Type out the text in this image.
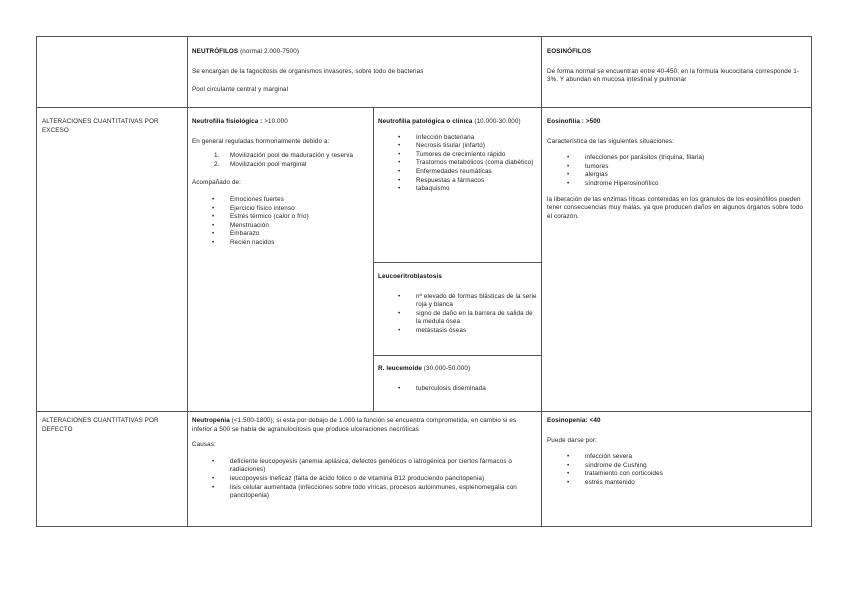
NEUTRÓFILOS (normal 2.000-7500)

Se encargan de la fagocitosis de organismos invasores, sobre todo de bacterias

Pool circulante central y marginal

EOSINÓFILOS

De forma normal se encuentran entre 40-450; en la formula leucocitaria corresponde 1-3%. Y abundan en mucosa intestinal y pulmonar

ALTERACIONES CUANTITATIVAS POR EXCESO

Neutrofilia fisiológica : >10.000

En general reguladas hormonalmente debido a:

1. Movilización pool de maduración y reserva
2. Movilización pool marginal

Acompañado de:

• Emociones fuertes
• Ejercicio físico intenso
• Estrés térmico (calor o frío)
• Menstruación
• Embarazo
• Recién nacidos

Neutrofilia patológica o clínica (10.000-30.000)

• Infección bacteriana
• Necrosis tisular (infarto)
• Tumores de crecimiento rápido
• Trastornos metabólicos (coma diabético)
• Enfermedades reumáticas
• Respuestas a fármacos
• tabaquismo

Leucoeritroblastosis

• nº elevado de formas blásticas de la serie roja y blanca
• signo de daño en la barrera de salida de la medula ósea
• metástasis óseas

R. leucemoide (30.000-50.000)

• tuberculosis diseminada

Eosinofilia : >500

Característica de las siguientes situaciones:

• infecciones por parásitos (triquina, filaria)
• tumores
• alergias
• síndrome Hiperosinofílico

la liberación de las enzimas líticas contenidas en los gránulos de los eosinófilos pueden tener consecuencias muy malas, ya que producen daños en algunos órganos sobre todo el corazón.

ALTERACIONES CUANTITATIVAS POR DEFECTO

Neutropenia (<1.500-1800); si esta por debajo de 1.000 la función se encuentra comprometida, en cambio si es inferior a 500 se habla de agranulocitosis que produce ulceraciones necróticas

Causas:

• deficiente leucopoyesis (anemia aplásica, defectos genéticos o iatrogénica por ciertos fármacos o radiaciones)
• leucopoyesis ineficaz (falta de ácido fólico o de vitamina B12 produciendo pancitopenia)
• lisis celular aumentada (infecciones sobre todo víricas, procesos autoinmunes, esplenomegalia con pancitopenia)

Eosinopenia: <40

Puede darse por:

• infección severa
• síndrome de Cushing
• tratamiento con corticoides
• estrés mantenido
